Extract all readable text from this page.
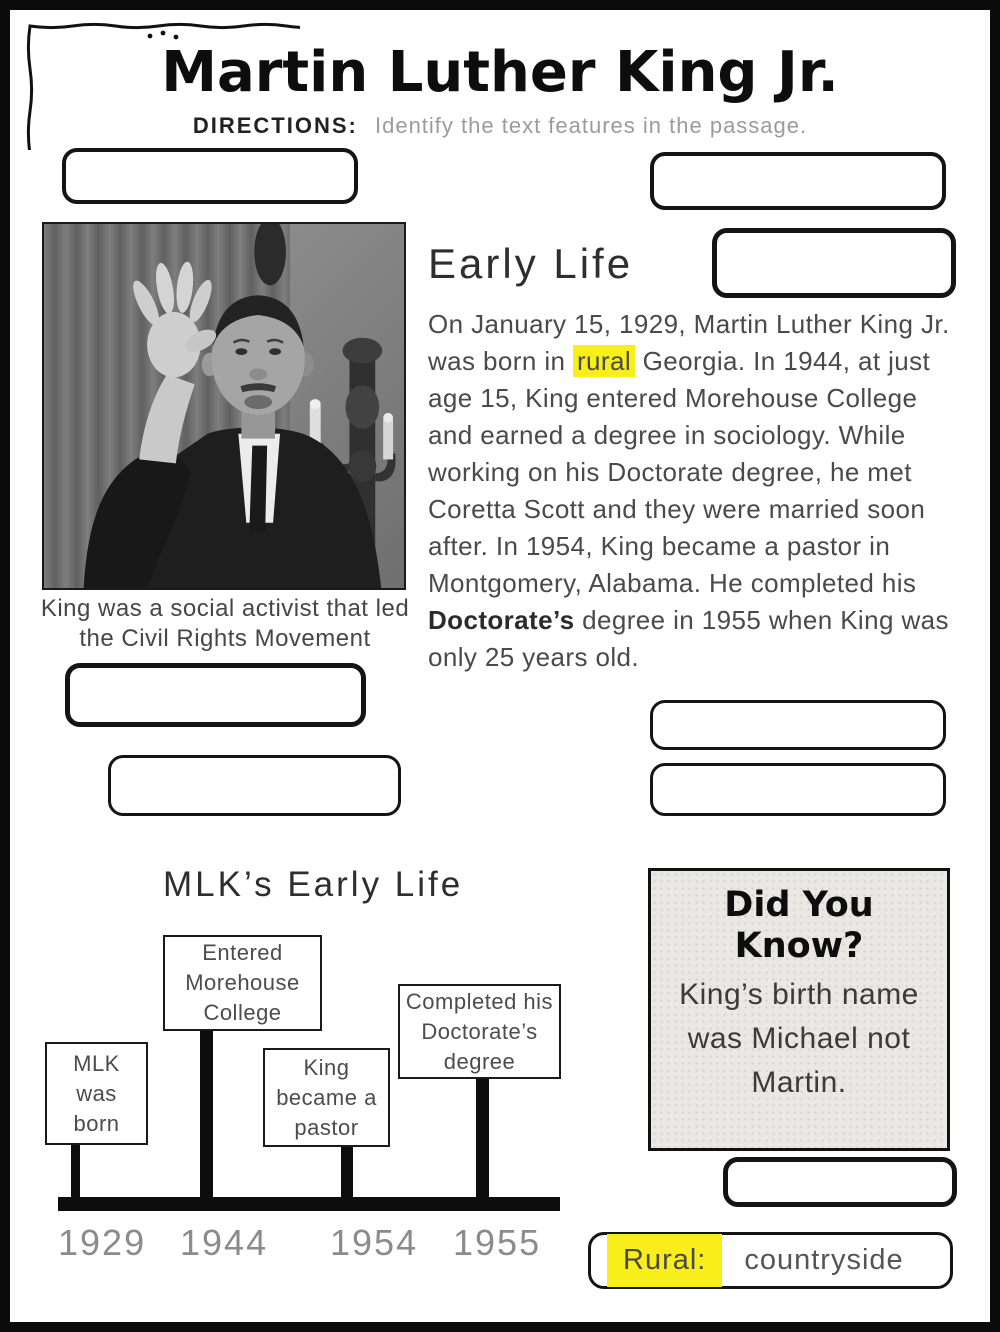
Martin Luther King Jr.
DIRECTIONS: Identify the text features in the passage.
King was a social activist that led the Civil Rights Movement
Early Life

On January 15, 1929, Martin Luther King Jr. was born in rural Georgia. In 1944, at just age 15, King entered Morehouse College and earned a degree in sociology. While working on his Doctorate degree, he met Coretta Scott and they were married soon after. In 1954, King became a pastor in Montgomery, Alabama. He completed his Doctorate’s degree in 1955 when King was only 25 years old.

MLK’s Early Life
MLK was born
Entered Morehouse College
King became a pastor
Completed his Doctorate’s degree
1929 1944 1954 1955
Did You
Know?
King’s birth name was Michael not Martin.
Rural:	countryside
